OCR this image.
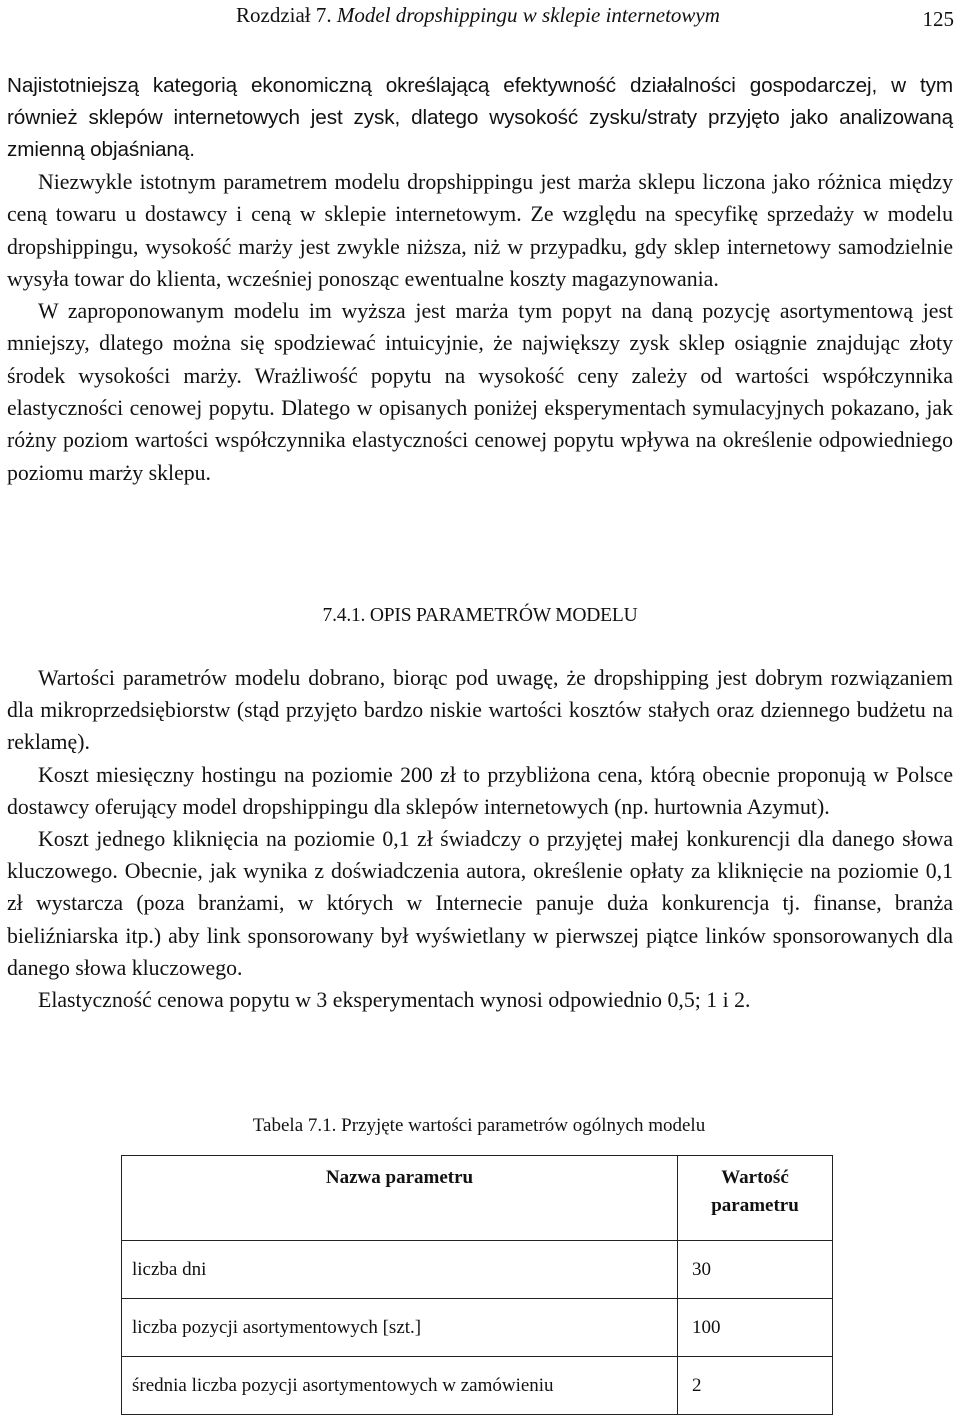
Rozdział 7. Model dropshippingu w sklepie internetowym	125

Najistotniejszą kategorią ekonomiczną określającą efektywność działalności gospodarczej, w tym również sklepów internetowych jest zysk, dlatego wysokość zysku/straty przyjęto jako analizowaną zmienną objaśnianą.

Niezwykle istotnym parametrem modelu dropshippingu jest marża sklepu liczona jako różnica między ceną towaru u dostawcy i ceną w sklepie internetowym. Ze względu na specyfikę sprzedaży w modelu dropshippingu, wysokość marży jest zwykle niższa, niż w przypadku, gdy sklep internetowy samodzielnie wysyła towar do klienta, wcześniej ponosząc ewentualne koszty magazynowania.

W zaproponowanym modelu im wyższa jest marża tym popyt na daną pozycję asortymentową jest mniejszy, dlatego można się spodziewać intuicyjnie, że największy zysk sklep osiągnie znajdując złoty środek wysokości marży. Wrażliwość popytu na wysokość ceny zależy od wartości współczynnika elastyczności cenowej popytu. Dlatego w opisanych poniżej eksperymentach symulacyjnych pokazano, jak różny poziom wartości współczynnika elastyczności cenowej popytu wpływa na określenie odpowiedniego poziomu marży sklepu.

7.4.1. OPIS PARAMETRÓW MODELU

Wartości parametrów modelu dobrano, biorąc pod uwagę, że dropshipping jest dobrym rozwiązaniem dla mikroprzedsiębiorstw (stąd przyjęto bardzo niskie wartości kosztów stałych oraz dziennego budżetu na reklamę).

Koszt miesięczny hostingu na poziomie 200 zł to przybliżona cena, którą obecnie proponują w Polsce dostawcy oferujący model dropshippingu dla sklepów internetowych (np. hurtownia Azymut).

Koszt jednego kliknięcia na poziomie 0,1 zł świadczy o przyjętej małej konkurencji dla danego słowa kluczowego. Obecnie, jak wynika z doświadczenia autora, określenie opłaty za kliknięcie na poziomie 0,1 zł wystarcza (poza branżami, w których w Internecie panuje duża konkurencja tj. finanse, branża bieliźniarska itp.) aby link sponsorowany był wyświetlany w pierwszej piątce linków sponsorowanych dla danego słowa kluczowego.

Elastyczność cenowa popytu w 3 eksperymentach wynosi odpowiednio 0,5; 1 i 2.

Tabela 7.1. Przyjęte wartości parametrów ogólnych modelu
Nazwa parametru	Wartość parametru
liczba dni	30
liczba pozycji asortymentowych [szt.]	100
średnia liczba pozycji asortymentowych w zamówieniu	2
